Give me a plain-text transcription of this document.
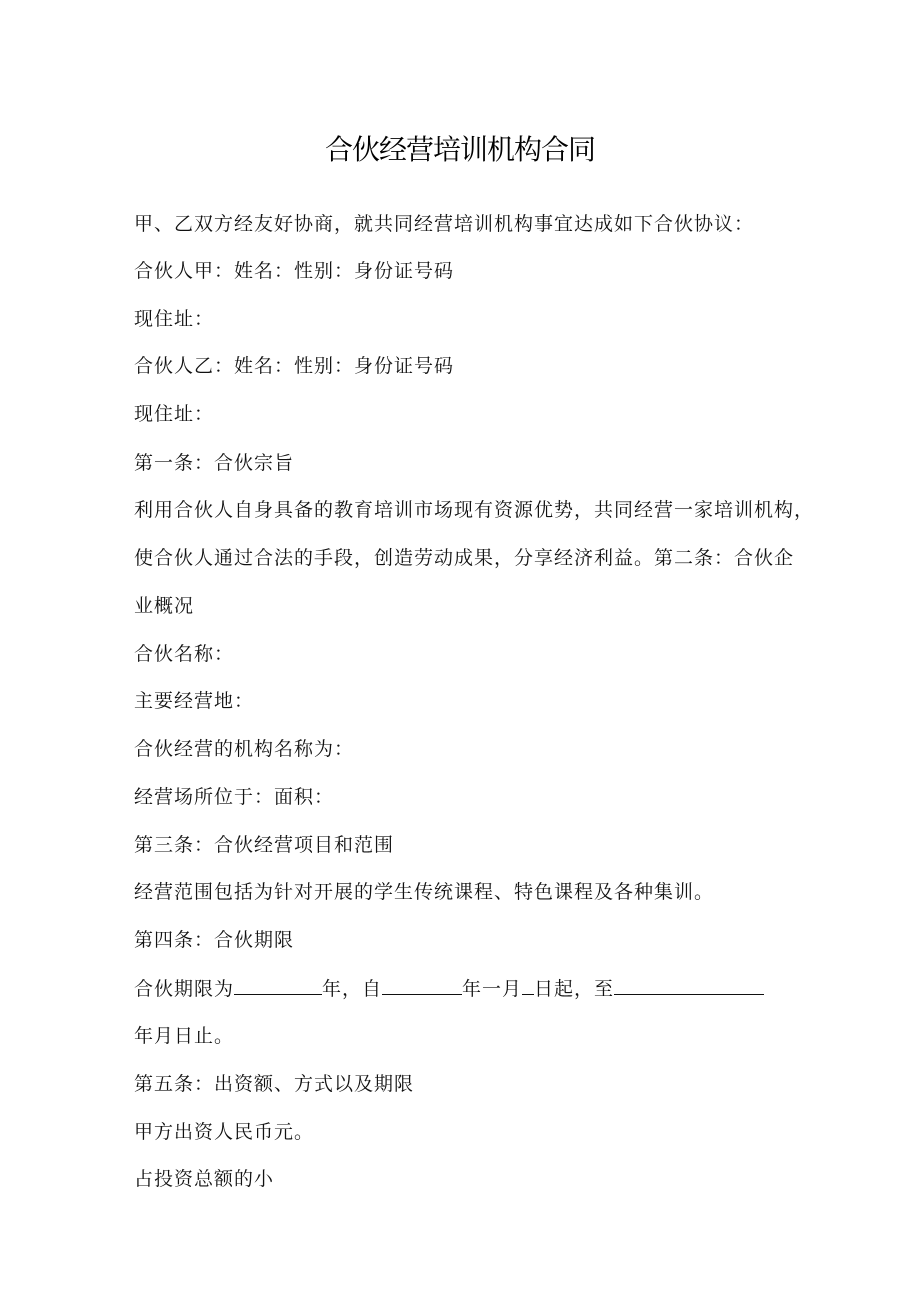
合伙经营培训机构合同
甲、乙双方经友好协商，就共同经营培训机构事宜达成如下合伙协议：
合伙人甲：姓名：性别：身份证号码
现住址：
合伙人乙：姓名：性别：身份证号码
现住址：
第一条：合伙宗旨
利用合伙人自身具备的教育培训市场现有资源优势，共同经营一家培训机构，
使合伙人通过合法的手段，创造劳动成果，分享经济利益。第二条：合伙企
业概况
合伙名称：
主要经营地：
合伙经营的机构名称为：
经营场所位于：面积：
第三条：合伙经营项目和范围
经营范围包括为针对开展的学生传统课程、特色课程及各种集训。
第四条：合伙期限
合伙期限为	年，自	年一月 日起，至
年月日止。
第五条：出资额、方式以及期限
甲方出资人民币元。
占投资总额的小
